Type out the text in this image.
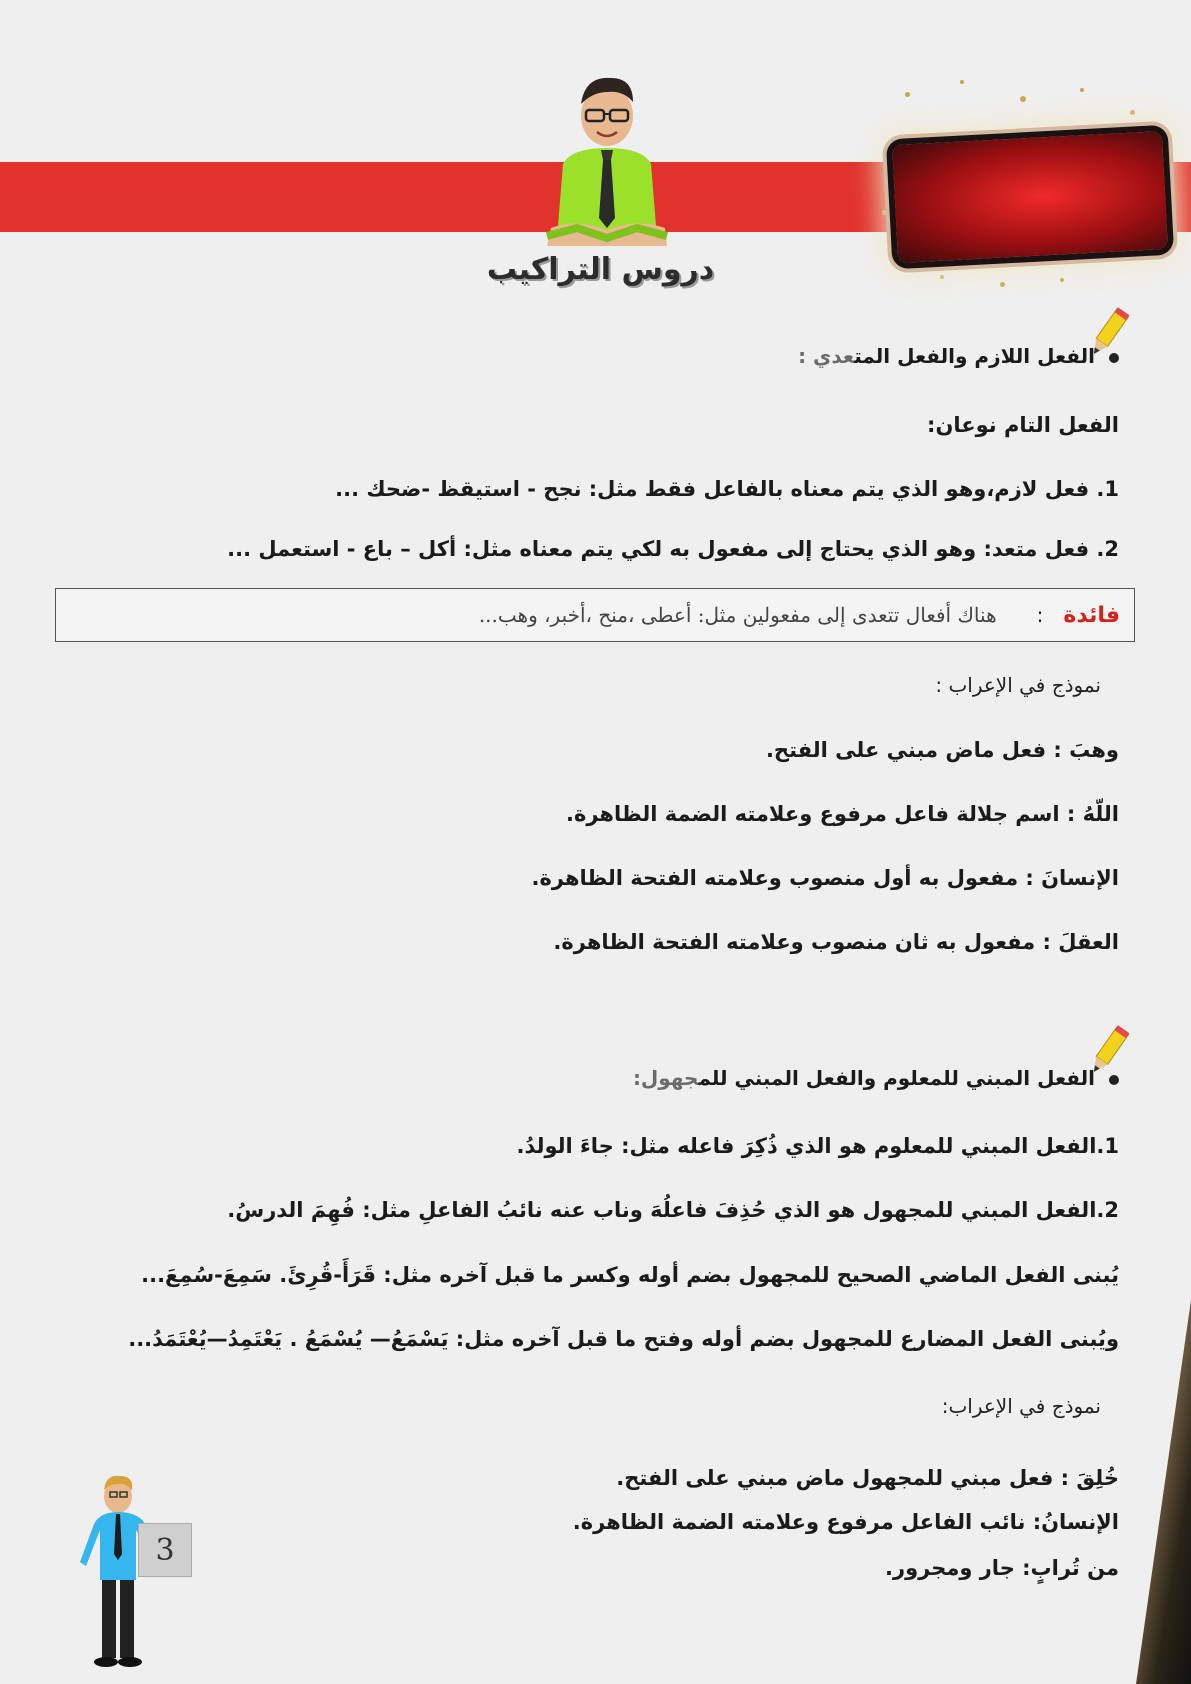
دروس التراكيب
الفعل اللازم والفعل المتعدي :
الفعل التام نوعان:
1. فعل لازم،وهو الذي يتم معناه بالفاعل فقط مثل: نجح - استيقظ -ضحك ...
2. فعل متعد: وهو الذي يحتاج إلى مفعول به لكي يتم معناه مثل: أكل – باع - استعمل ...
فائدة
:
هناك أفعال تتعدى إلى مفعولين مثل: أعطى ،منح ،أخبر، وهب...
نموذج في الإعراب :
وهبَ : فعل ماض مبني على الفتح.
اللّهُ : اسم جلالة فاعل مرفوع وعلامته الضمة الظاهرة.
الإنسانَ : مفعول به أول منصوب وعلامته الفتحة الظاهرة.
العقلَ : مفعول به ثان منصوب وعلامته الفتحة الظاهرة.
الفعل المبني للمعلوم والفعل المبني للمجهول:
1.الفعل المبني للمعلوم هو الذي ذُكِرَ فاعله مثل: جاءَ الولدُ.
2.الفعل المبني للمجهول هو الذي حُذِفَ فاعلُهَ وناب عنه نائبُ الفاعلِ مثل: فُهِمَ الدرسُ.
يُبنى الفعل الماضي الصحيح للمجهول بضم أوله وكسر ما قبل آخره مثل: قَرَأَ-قُرِئَ. سَمِعَ-سُمِعَ...
ويُبنى الفعل المضارع للمجهول بضم أوله وفتح ما قبل آخره مثل: يَسْمَعُ— يُسْمَعُ . يَعْتَمِدُ—يُعْتَمَدُ...
نموذج في الإعراب:
خُلِقَ : فعل مبني للمجهول ماض مبني على الفتح.
الإنسانُ: نائب الفاعل مرفوع وعلامته الضمة الظاهرة.
من تُرابٍ: جار ومجرور.
3
